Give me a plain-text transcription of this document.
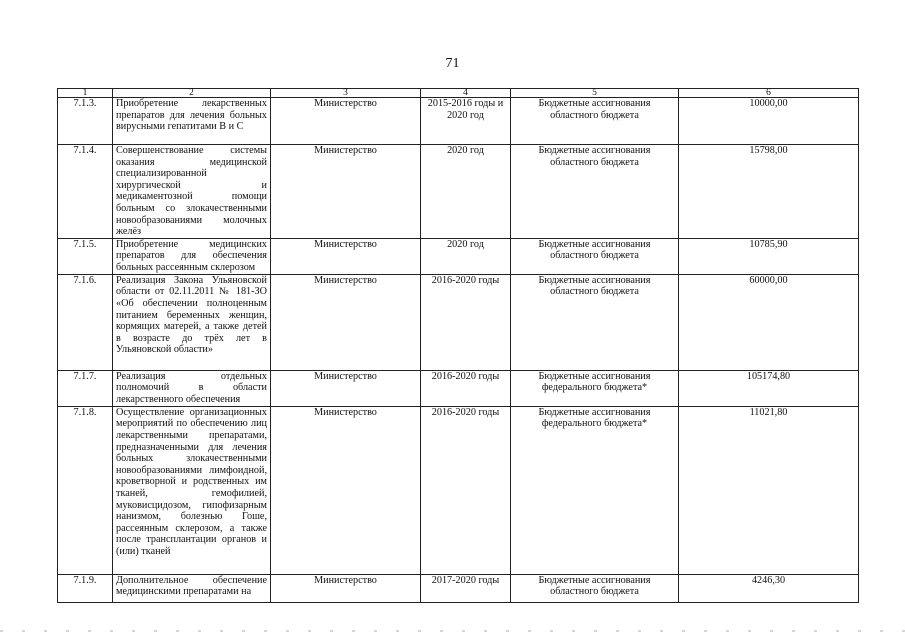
71
1	2	3	4	5	6
7.1.3.	Приобретение лекарственных препаратов для лечения больных вирусными гепатитами В и С	Министерство	2015-2016 годы и 2020 год	Бюджетные ассигнования областного бюджета	10000,00
7.1.4.	Совершенствование системы оказания медицинской специализированной хирургической и медикаментозной помощи больным со злокачественными новообразованиями молочных желёз	Министерство	2020 год	Бюджетные ассигнования областного бюджета	15798,00
7.1.5.	Приобретение медицинских препаратов для обеспечения больных рассеянным склерозом	Министерство	2020 год	Бюджетные ассигнования областного бюджета	10785,90
7.1.6.	Реализация Закона Ульяновской области от 02.11.2011 № 181-ЗО «Об обеспечении полноценным питанием беременных женщин, кормящих матерей, а также детей в возрасте до трёх лет в Ульяновской области»	Министерство	2016-2020 годы	Бюджетные ассигнования областного бюджета	60000,00
7.1.7.	Реализация отдельных полномочий в области лекарственного обеспечения	Министерство	2016-2020 годы	Бюджетные ассигнования федерального бюджета*	105174,80
7.1.8.	Осуществление организационных мероприятий по обеспечению лиц лекарственными препаратами, предназначенными для лечения больных злокачественными новообразованиями лимфоидной, кроветворной и родственных им тканей, гемофилией, муковисцидозом, гипофизарным нанизмом, болезнью Гоше, рассеянным склерозом, а также после трансплантации органов и (или) тканей	Министерство	2016-2020 годы	Бюджетные ассигнования федерального бюджета*	11021,80
7.1.9.	Дополнительное обеспечение медицинскими препаратами на	Министерство	2017-2020 годы	Бюджетные ассигнования областного бюджета	4246,30
